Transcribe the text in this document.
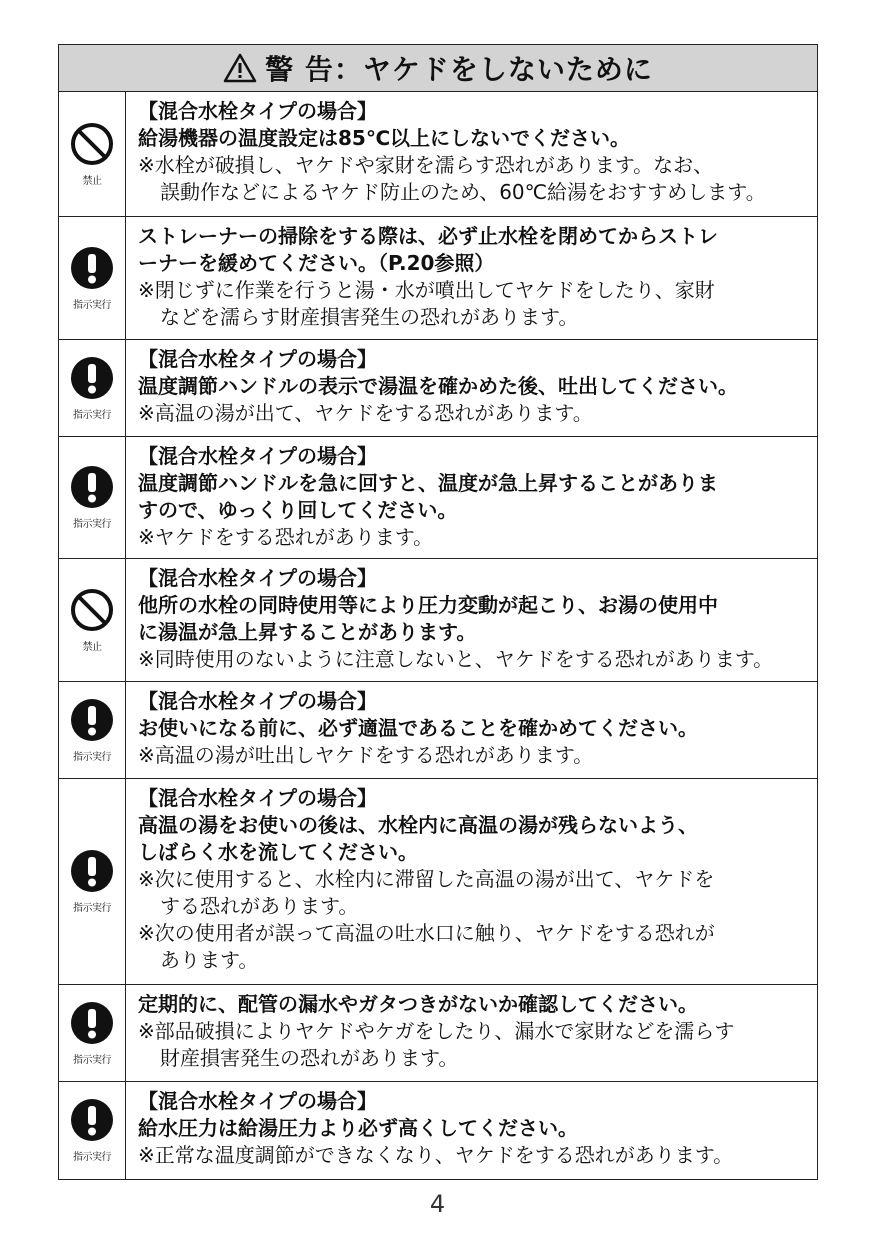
警 告：ヤケドをしないために
禁止
【混合水栓タイプの場合】
給湯機器の温度設定は85℃以上にしないでください。
※水栓が破損し、ヤケドや家財を濡らす恐れがあります。なお、
誤動作などによるヤケド防止のため、60℃給湯をおすすめします。
指示実行
ストレーナーの掃除をする際は、必ず止水栓を閉めてからストレ
ーナーを緩めてください。（P.20参照）
※閉じずに作業を行うと湯・水が噴出してヤケドをしたり、家財
などを濡らす財産損害発生の恐れがあります。
指示実行
【混合水栓タイプの場合】
温度調節ハンドルの表示で湯温を確かめた後、吐出してください。
※高温の湯が出て、ヤケドをする恐れがあります。
指示実行
【混合水栓タイプの場合】
温度調節ハンドルを急に回すと、温度が急上昇することがありま
すので、ゆっくり回してください。
※ヤケドをする恐れがあります。
禁止
【混合水栓タイプの場合】
他所の水栓の同時使用等により圧力変動が起こり、お湯の使用中
に湯温が急上昇することがあります。
※同時使用のないように注意しないと、ヤケドをする恐れがあります。
指示実行
【混合水栓タイプの場合】
お使いになる前に、必ず適温であることを確かめてください。
※高温の湯が吐出しヤケドをする恐れがあります。
指示実行
【混合水栓タイプの場合】
高温の湯をお使いの後は、水栓内に高温の湯が残らないよう、
しばらく水を流してください。
※次に使用すると、水栓内に滞留した高温の湯が出て、ヤケドを
する恐れがあります。
※次の使用者が誤って高温の吐水口に触り、ヤケドをする恐れが
あります。
指示実行
定期的に、配管の漏水やガタつきがないか確認してください。
※部品破損によりヤケドやケガをしたり、漏水で家財などを濡らす
財産損害発生の恐れがあります。
指示実行
【混合水栓タイプの場合】
給水圧力は給湯圧力より必ず高くしてください。
※正常な温度調節ができなくなり、ヤケドをする恐れがあります。
4
